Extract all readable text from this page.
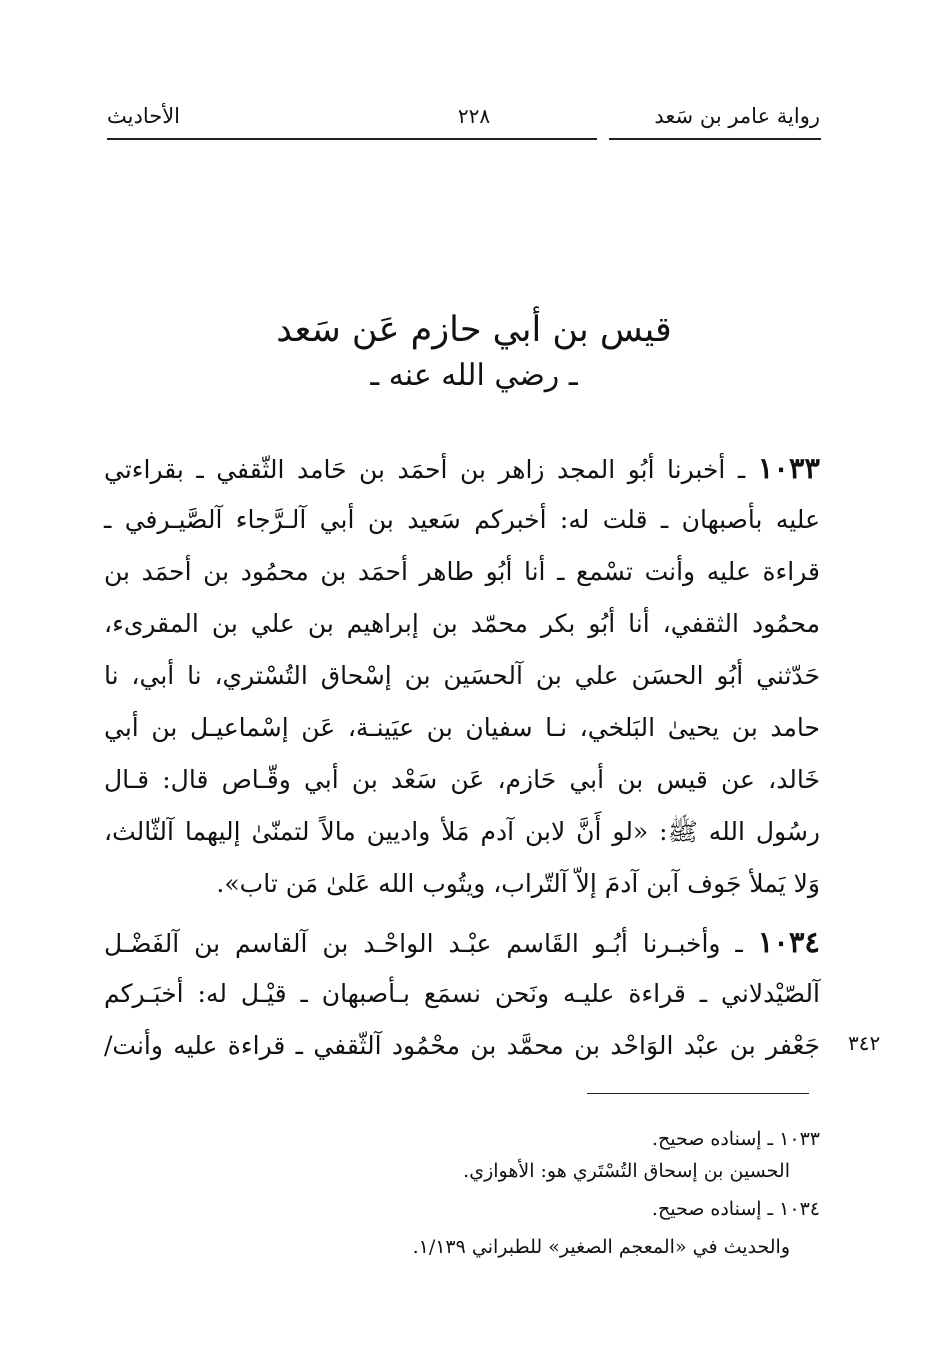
رواية عامر بن سَعد
٢٢٨
الأحاديث
قيس بن أبي حازم عَن سَعد
ـ رضي الله عنه ـ
١٠٣٣ ـ أخبرنا أبُو المجد زاهر بن أحمَد بن حَامد الثّقفي ـ بقراءتي
عليه بأصبهان ـ قلت له: أخبركم سَعيد بن أبي آلـرَّجاء آلصَّيـرفي ـ
قراءة عليه وأنت تسْمع ـ أنا أبُو طاهر أحمَد بن محمُود بن أحمَد بن
محمُود الثقفي، أنا أبُو بكر محمّد بن إبراهيم بن علي بن المقرىء،
حَدّثني أبُو الحسَن علي بن آلحسَين بن إسْحاق التُسْتري، نا أبي، نا
حامد بن يحيىٰ البَلخي، نـا سفيان بن عيَينـة، عَن إسْماعيـل بن أبي
خَالد، عن قيس بن أبي حَازم، عَن سَعْد بن أبي وقّـاص قال: قـال
رسُول الله ﷺ: «لو أَنَّ لابن آدم مَلأ واديين مالاً لتمنّىٰ إليهما آلثّالث،
وَلا يَملأ جَوف آبن آدمَ إلاّ آلتّراب، ويتُوب الله عَلىٰ مَن تاب».
١٠٣٤ ـ وأخبـرنا أبُـو القَاسم عبْـد الواحْـد بن آلقاسم بن آلفَضْـل
آلصّيْدلاني ـ قراءة عليـه ونَحن نسمَع بـأصبهان ـ قيْـل له: أخبَـركم
جَعْفر بن عبْد الوَاحْد بن محمَّد بن محْمُود آلثّقفي ـ قراءة عليه وأنت/ ٣٤٢
١٠٣٣ ـ إسناده صحيح.
الحسين بن إسحاق التُسْتَري هو: الأهوازي.
١٠٣٤ ـ إسناده صحيح.
والحديث في «المعجم الصغير» للطبراني ١/١٣٩.
